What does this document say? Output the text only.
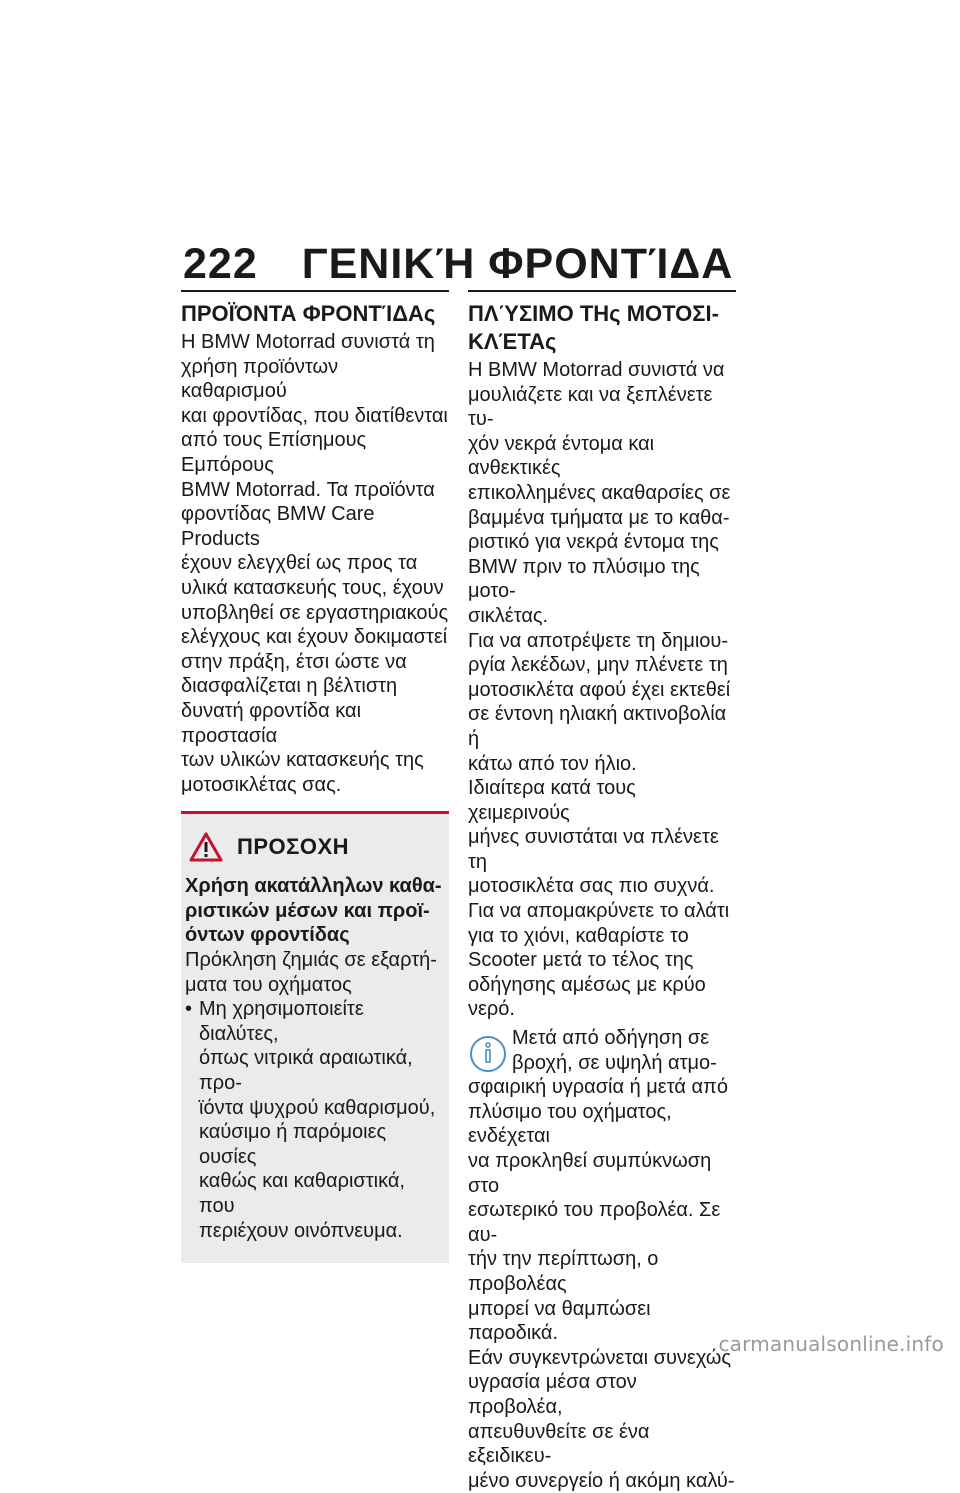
222 ΓΕΝΙΚΉ ΦΡΟΝΤΊΔΑ
ΠΡΟΪΌΝΤΑ ΦΡΟΝΤΊΔΑς
Η BMW Motorrad συνιστά τη
χρήση προϊόντων καθαρισμού
και φροντίδας, που διατίθενται
από τους Επίσημους Εμπόρους
BMW Motorrad. Τα προϊόντα
φροντίδας BMW Care Products
έχουν ελεγχθεί ως προς τα
υλικά κατασκευής τους, έχουν
υποβληθεί σε εργαστηριακούς
ελέγχους και έχουν δοκιμαστεί
στην πράξη, έτσι ώστε να
διασφαλίζεται η βέλτιστη
δυνατή φροντίδα και προστασία
των υλικών κατασκευής της
μοτοσικλέτας σας.
ΠΡΟΣΟΧΗ
Χρήση ακατάλληλων καθα-
ριστικών μέσων και προϊ-
όντων φροντίδας
Πρόκληση ζημιάς σε εξαρτή-
ματα του οχήματος
• Μη χρησιμοποιείτε διαλύτες,
όπως νιτρικά αραιωτικά, προ-
ϊόντα ψυχρού καθαρισμού,
καύσιμο ή παρόμοιες ουσίες
καθώς και καθαριστικά, που
περιέχουν οινόπνευμα.
ΠΛΎΣΙΜΟ ΤΗς ΜΟΤΟΣΙ-
ΚΛΈΤΑς
Η BMW Motorrad συνιστά να
μουλιάζετε και να ξεπλένετε τυ-
χόν νεκρά έντομα και ανθεκτικές
επικολλημένες ακαθαρσίες σε
βαμμένα τμήματα με το καθα-
ριστικό για νεκρά έντομα της
BMW πριν το πλύσιμο της μοτο-
σικλέτας.
Για να αποτρέψετε τη δημιου-
ργία λεκέδων, μην πλένετε τη
μοτοσικλέτα αφού έχει εκτεθεί
σε έντονη ηλιακή ακτινοβολία ή
κάτω από τον ήλιο.
Ιδιαίτερα κατά τους χειμερινούς
μήνες συνιστάται να πλένετε τη
μοτοσικλέτα σας πιο συχνά.
Για να απομακρύνετε το αλάτι
για το χιόνι, καθαρίστε το
Scooter μετά το τέλος της
οδήγησης αμέσως με κρύο νερό.
Μετά από οδήγηση σε
βροχή, σε υψηλή ατμο-
σφαιρική υγρασία ή μετά από
πλύσιμο του οχήματος, ενδέχεται
να προκληθεί συμπύκνωση στο
εσωτερικό του προβολέα. Σε αυ-
τήν την περίπτωση, ο προβολέας
μπορεί να θαμπώσει παροδικά.
Εάν συγκεντρώνεται συνεχώς
υγρασία μέσα στον προβολέα,
απευθυνθείτε σε ένα εξειδικευ-
μένο συνεργείο ή ακόμη καλύ-
carmanualsonline.info
